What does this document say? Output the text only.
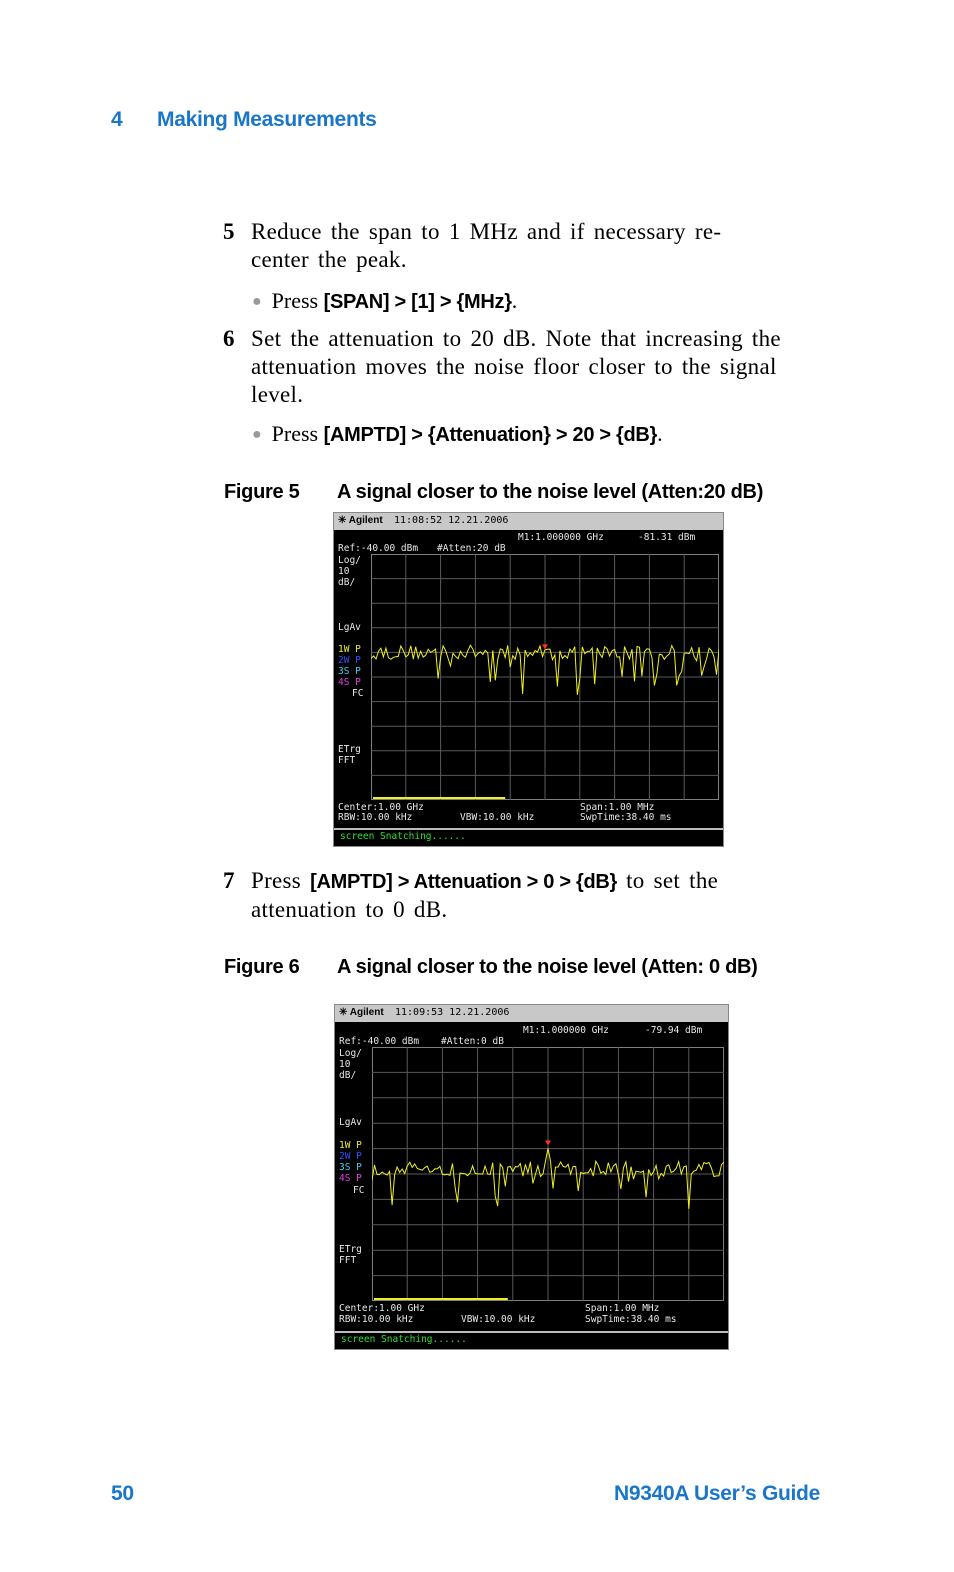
4 Making Measurements
5 Reduce the span to 1 MHz and if necessary re- center the peak.
● Press [SPAN] > [1] > {MHz}.
6 Set the attenuation to 20 dB. Note that increasing the attenuation moves the noise floor closer to the signal level.
● Press [AMPTD] > {Attenuation} > 20 > {dB}.
Figure 5 A signal closer to the noise level (Atten:20 dB)
✳ Agilent 11:08:52 12.21.2006
M1:1.000000 GHz	-81.31 dBm
Ref:-40.00 dBm #Atten:20 dB
Log/
10
dB/
LgAv
1W P
2W P
3S P
4S P
FC
ETrg
FFT
Center:1.00 GHz
RBW:10.00 kHz	VBW:10.00 kHz
Span:1.00 MHz
SwpTime:38.40 ms
screen Snatching......
7 Press [AMPTD] > Attenuation > 0 > {dB} to set the attenuation to 0 dB.
Figure 6 A signal closer to the noise level (Atten: 0 dB)
✳ Agilent 11:09:53 12.21.2006
M1:1.000000 GHz	-79.94 dBm
Ref:-40.00 dBm #Atten:0 dB
Log/
10
dB/
LgAv
1W P
2W P
3S P
4S P
FC
ETrg
FFT
Center:1.00 GHz
RBW:10.00 kHz	VBW:10.00 kHz
Span:1.00 MHz
SwpTime:38.40 ms
screen Snatching......
50	N9340A User’s Guide
